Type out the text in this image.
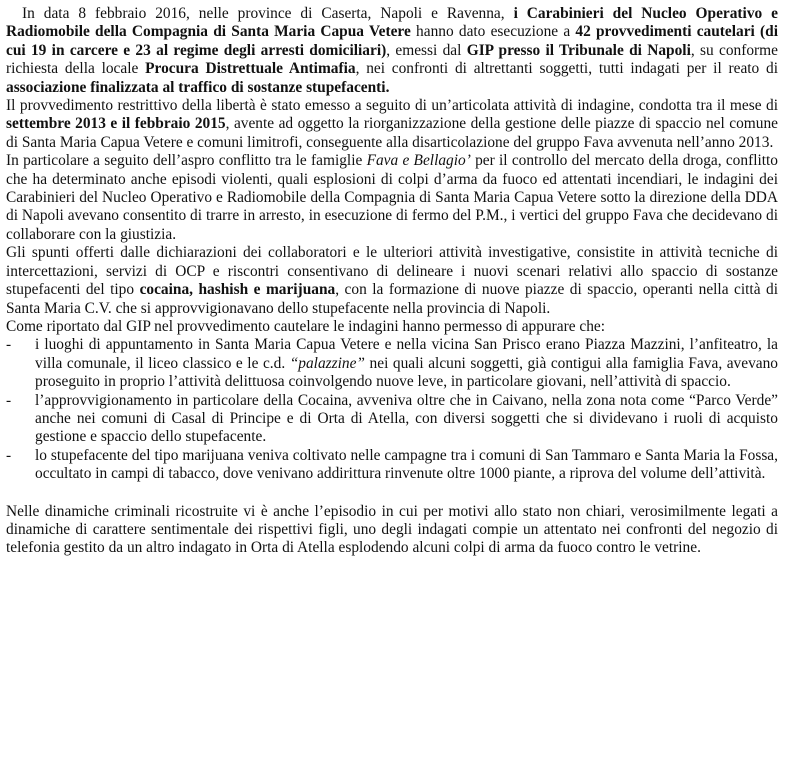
In data 8 febbraio 2016, nelle province di Caserta, Napoli e Ravenna, i Carabinieri del Nucleo Operativo e Radiomobile della Compagnia di Santa Maria Capua Vetere hanno dato esecuzione a 42 provvedimenti cautelari (di cui 19 in carcere e 23 al regime degli arresti domiciliari), emessi dal GIP presso il Tribunale di Napoli, su conforme richiesta della locale Procura Distrettuale Antimafia, nei confronti di altrettanti soggetti, tutti indagati per il reato di associazione finalizzata al traffico di sostanze stupefacenti.

Il provvedimento restrittivo della libertà è stato emesso a seguito di un’articolata attività di indagine, condotta tra il mese di settembre 2013 e il febbraio 2015, avente ad oggetto la riorganizzazione della gestione delle piazze di spaccio nel comune di Santa Maria Capua Vetere e comuni limitrofi, conseguente alla disarticolazione del gruppo Fava avvenuta nell’anno 2013.

In particolare a seguito dell’aspro conflitto tra le famiglie Fava e Bellagio’ per il controllo del mercato della droga, conflitto che ha determinato anche episodi violenti, quali esplosioni di colpi d’arma da fuoco ed attentati incendiari, le indagini dei Carabinieri del Nucleo Operativo e Radiomobile della Compagnia di Santa Maria Capua Vetere sotto la direzione della DDA di Napoli avevano consentito di trarre in arresto, in esecuzione di fermo del P.M., i vertici del gruppo Fava che decidevano di collaborare con la giustizia.

Gli spunti offerti dalle dichiarazioni dei collaboratori e le ulteriori attività investigative, consistite in attività tecniche di intercettazioni, servizi di OCP e riscontri consentivano di delineare i nuovi scenari relativi allo spaccio di sostanze stupefacenti del tipo cocaina, hashish e marijuana, con la formazione di nuove piazze di spaccio, operanti nella città di Santa Maria C.V. che si approvvigionavano dello stupefacente nella provincia di Napoli.

Come riportato dal GIP nel provvedimento cautelare le indagini hanno permesso di appurare che:

- i luoghi di appuntamento in Santa Maria Capua Vetere e nella vicina San Prisco erano Piazza Mazzini, l’anfiteatro, la villa comunale, il liceo classico e le c.d. “palazzine” nei quali alcuni soggetti, già contigui alla famiglia Fava, avevano proseguito in proprio l’attività delittuosa coinvolgendo nuove leve, in particolare giovani, nell’attività di spaccio.
- l’approvvigionamento in particolare della Cocaina, avveniva oltre che in Caivano, nella zona nota come “Parco Verde” anche nei comuni di Casal di Principe e di Orta di Atella, con diversi soggetti che si dividevano i ruoli di acquisto gestione e spaccio dello stupefacente.
- lo stupefacente del tipo marijuana veniva coltivato nelle campagne tra i comuni di San Tammaro e Santa Maria la Fossa, occultato in campi di tabacco, dove venivano addirittura rinvenute oltre 1000 piante, a riprova del volume dell’attività.

Nelle dinamiche criminali ricostruite vi è anche l’episodio in cui per motivi allo stato non chiari, verosimilmente legati a dinamiche di carattere sentimentale dei rispettivi figli, uno degli indagati compie un attentato nei confronti del negozio di telefonia gestito da un altro indagato in Orta di Atella esplodendo alcuni colpi di arma da fuoco contro le vetrine.
